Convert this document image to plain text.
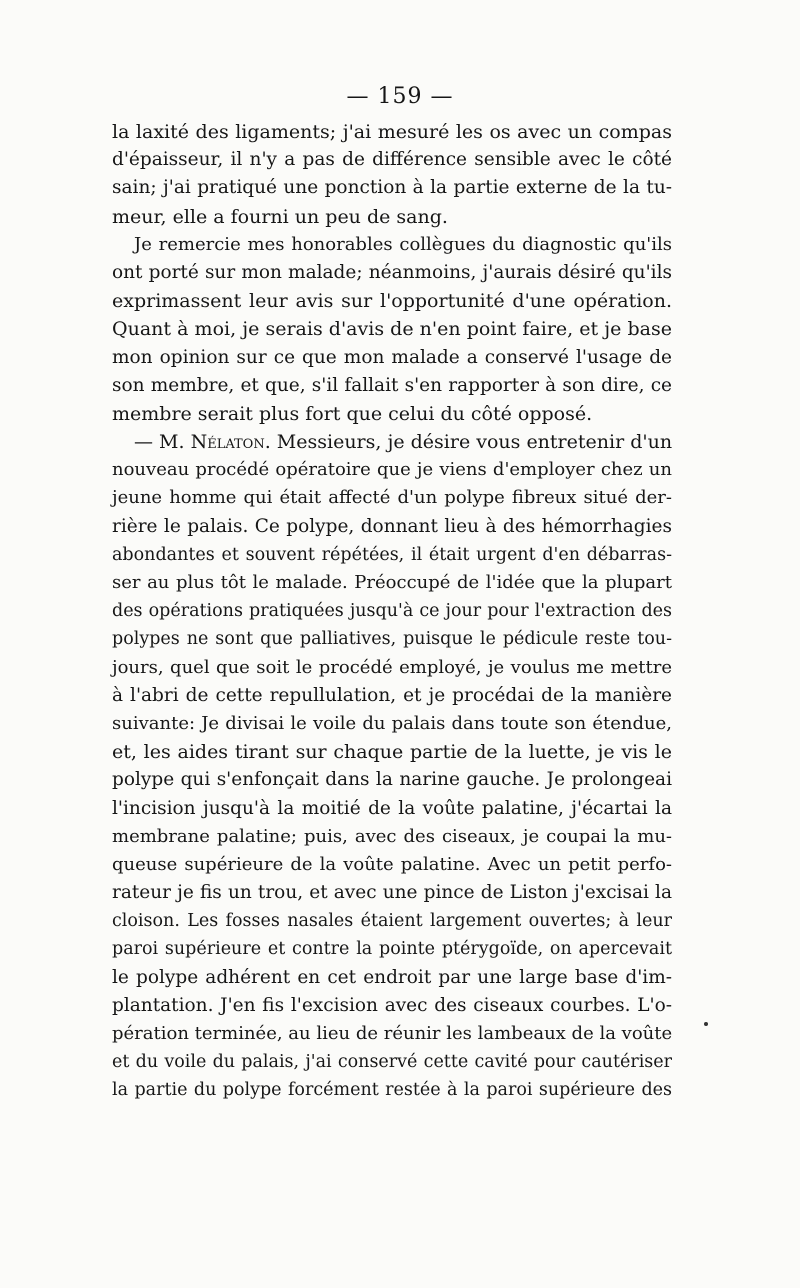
— 159 —
la laxité des ligaments; j'ai mesuré les os avec un compas
d'épaisseur, il n'y a pas de différence sensible avec le côté
sain; j'ai pratiqué une ponction à la partie externe de la tu-
meur, elle a fourni un peu de sang.
Je remercie mes honorables collègues du diagnostic qu'ils
ont porté sur mon malade; néanmoins, j'aurais désiré qu'ils
exprimassent leur avis sur l'opportunité d'une opération.
Quant à moi, je serais d'avis de n'en point faire, et je base
mon opinion sur ce que mon malade a conservé l'usage de
son membre, et que, s'il fallait s'en rapporter à son dire, ce
membre serait plus fort que celui du côté opposé.
— M. Nélaton. Messieurs, je désire vous entretenir d'un
nouveau procédé opératoire que je viens d'employer chez un
jeune homme qui était affecté d'un polype fibreux situé der-
rière le palais. Ce polype, donnant lieu à des hémorrhagies
abondantes et souvent répétées, il était urgent d'en débarras-
ser au plus tôt le malade. Préoccupé de l'idée que la plupart
des opérations pratiquées jusqu'à ce jour pour l'extraction des
polypes ne sont que palliatives, puisque le pédicule reste tou-
jours, quel que soit le procédé employé, je voulus me mettre
à l'abri de cette repullulation, et je procédai de la manière
suivante: Je divisai le voile du palais dans toute son étendue,
et, les aides tirant sur chaque partie de la luette, je vis le
polype qui s'enfonçait dans la narine gauche. Je prolongeai
l'incision jusqu'à la moitié de la voûte palatine, j'écartai la
membrane palatine; puis, avec des ciseaux, je coupai la mu-
queuse supérieure de la voûte palatine. Avec un petit perfo-
rateur je fis un trou, et avec une pince de Liston j'excisai la
cloison. Les fosses nasales étaient largement ouvertes; à leur
paroi supérieure et contre la pointe ptérygoïde, on apercevait
le polype adhérent en cet endroit par une large base d'im-
plantation. J'en fis l'excision avec des ciseaux courbes. L'o-
pération terminée, au lieu de réunir les lambeaux de la voûte
et du voile du palais, j'ai conservé cette cavité pour cautériser
la partie du polype forcément restée à la paroi supérieure des
